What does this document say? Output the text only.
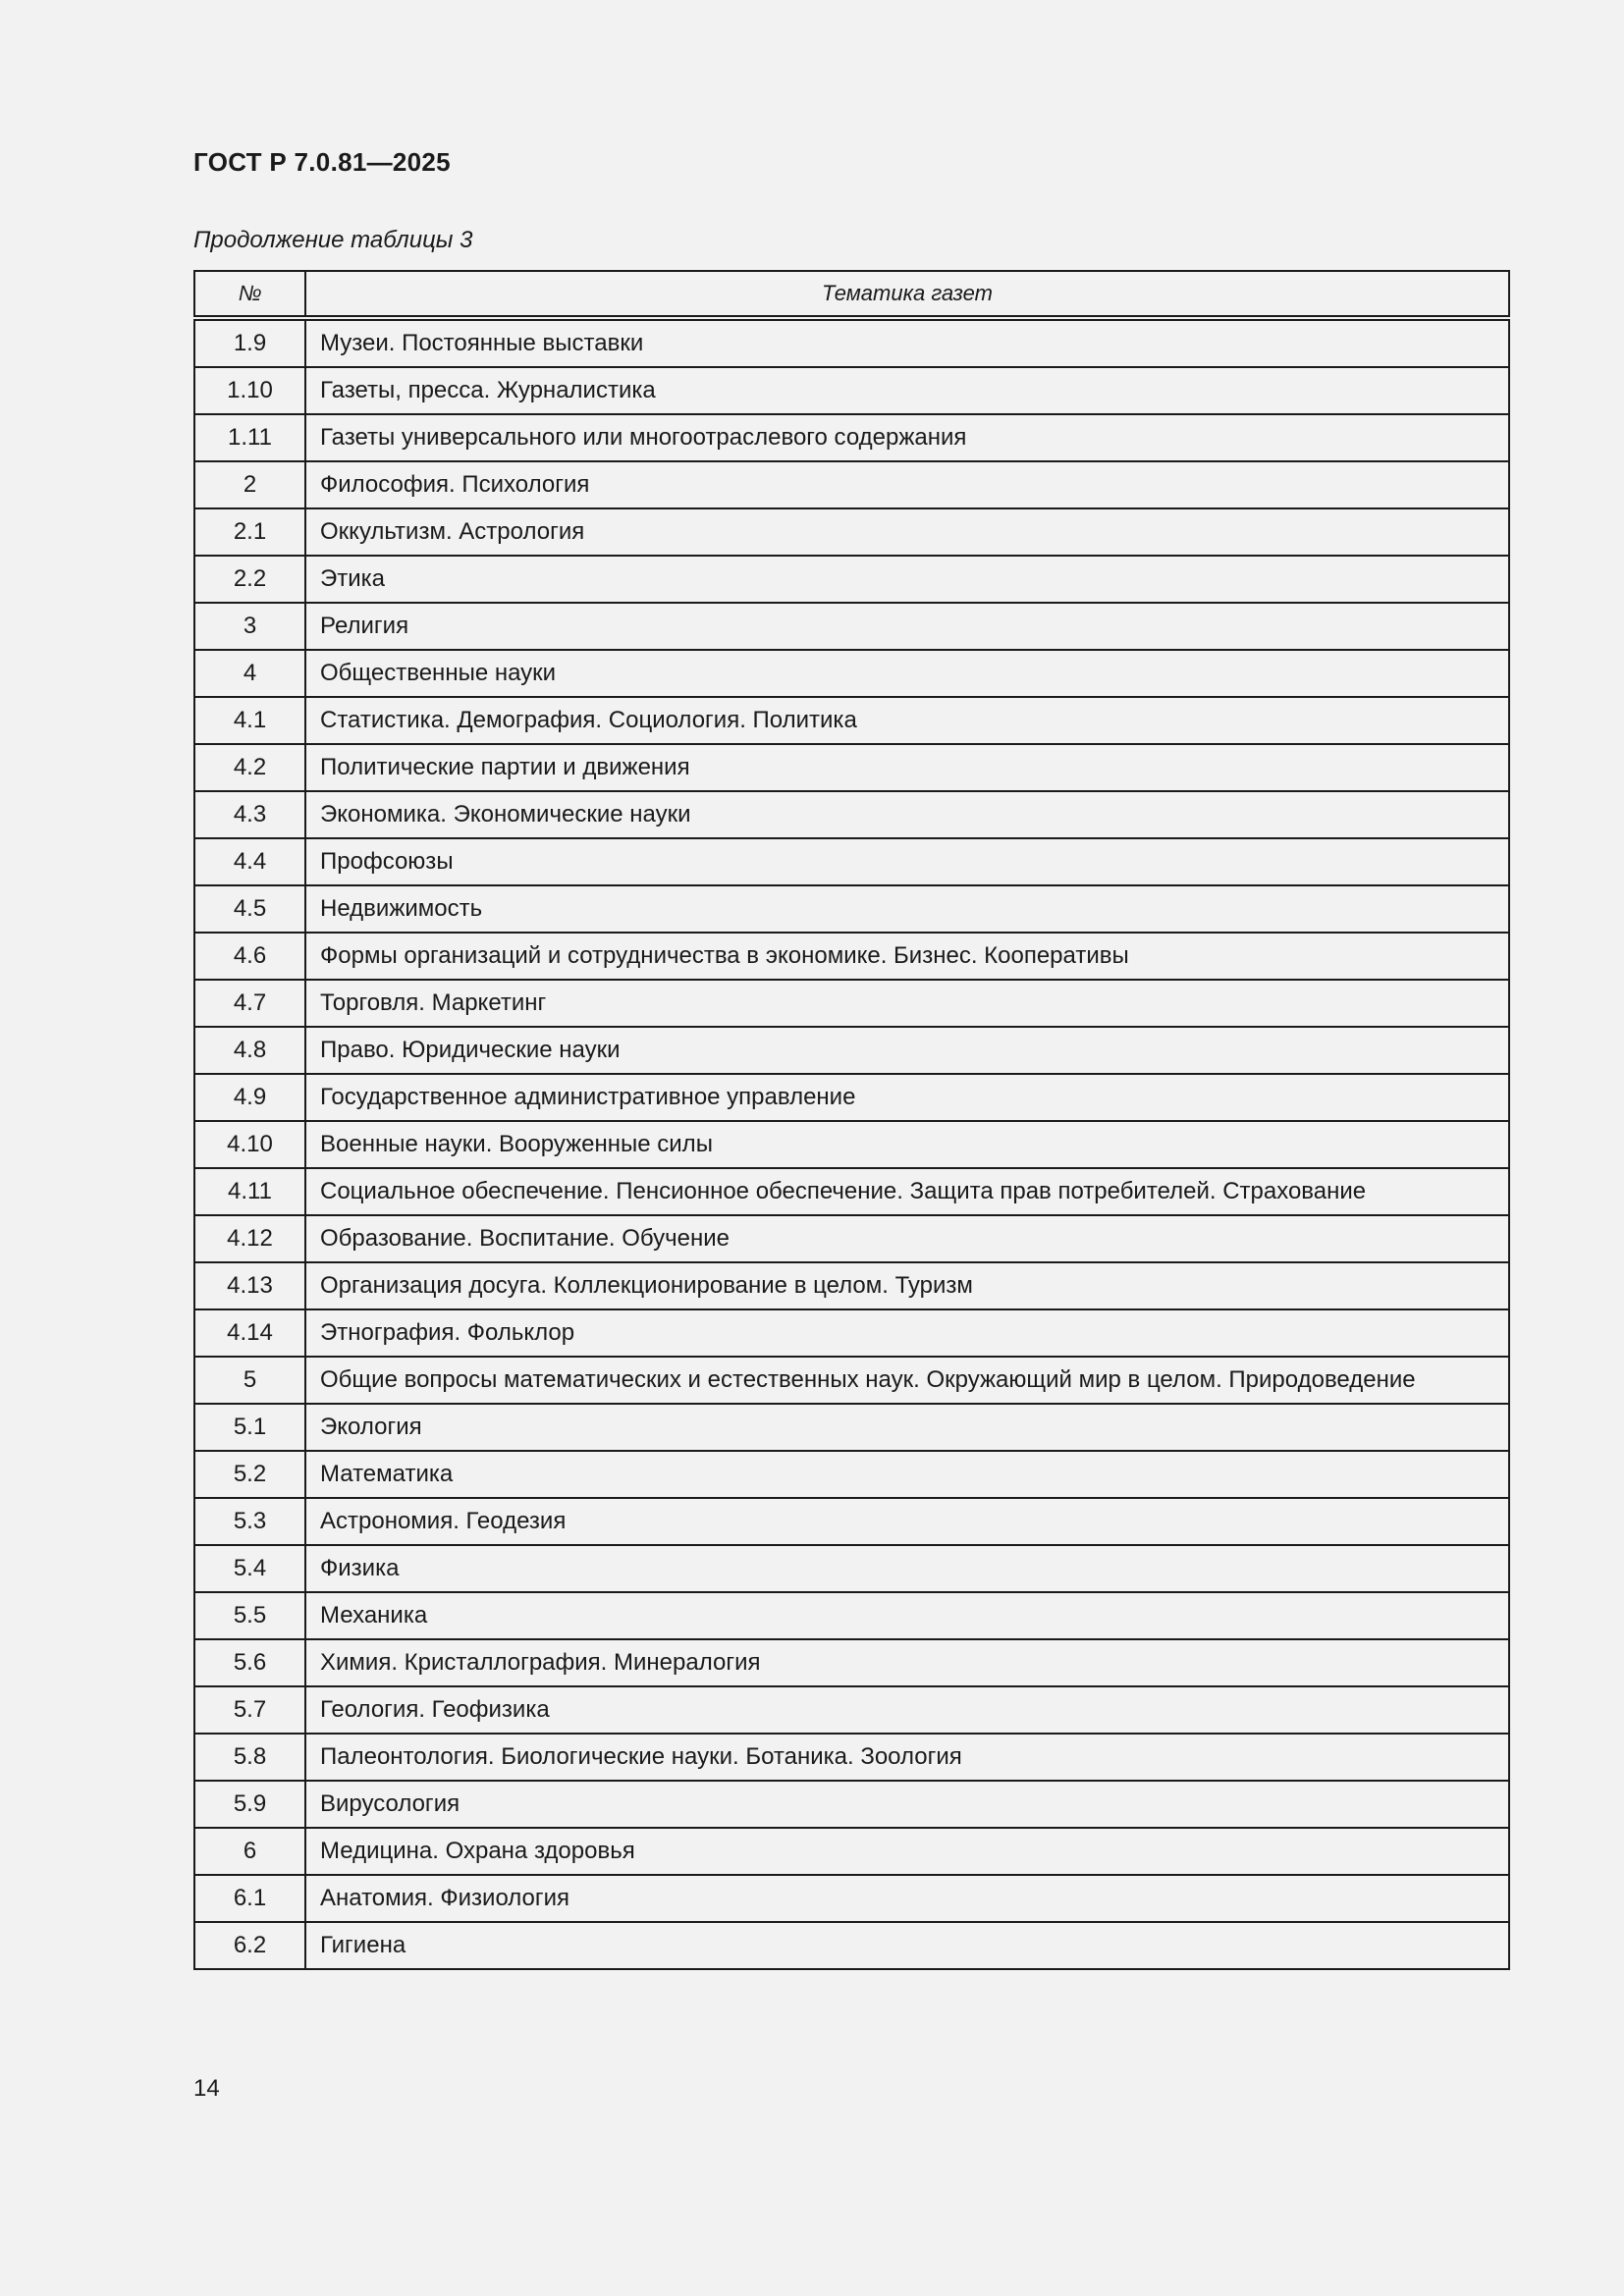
ГОСТ Р 7.0.81—2025
Продолжение таблицы 3
№	Тематика газет
1.9	Музеи. Постоянные выставки
1.10	Газеты, пресса. Журналистика
1.11	Газеты универсального или многоотраслевого содержания
2	Философия. Психология
2.1	Оккультизм. Астрология
2.2	Этика
3	Религия
4	Общественные науки
4.1	Статистика. Демография. Социология. Политика
4.2	Политические партии и движения
4.3	Экономика. Экономические науки
4.4	Профсоюзы
4.5	Недвижимость
4.6	Формы организаций и сотрудничества в экономике. Бизнес. Кооперативы
4.7	Торговля. Маркетинг
4.8	Право. Юридические науки
4.9	Государственное административное управление
4.10	Военные науки. Вооруженные силы
4.11	Социальное обеспечение. Пенсионное обеспечение. Защита прав потребителей. Страхование
4.12	Образование. Воспитание. Обучение
4.13	Организация досуга. Коллекционирование в целом. Туризм
4.14	Этнография. Фольклор
5	Общие вопросы математических и естественных наук. Окружающий мир в целом. Природоведение
5.1	Экология
5.2	Математика
5.3	Астрономия. Геодезия
5.4	Физика
5.5	Механика
5.6	Химия. Кристаллография. Минералогия
5.7	Геология. Геофизика
5.8	Палеонтология. Биологические науки. Ботаника. Зоология
5.9	Вирусология
6	Медицина. Охрана здоровья
6.1	Анатомия. Физиология
6.2	Гигиена
14
